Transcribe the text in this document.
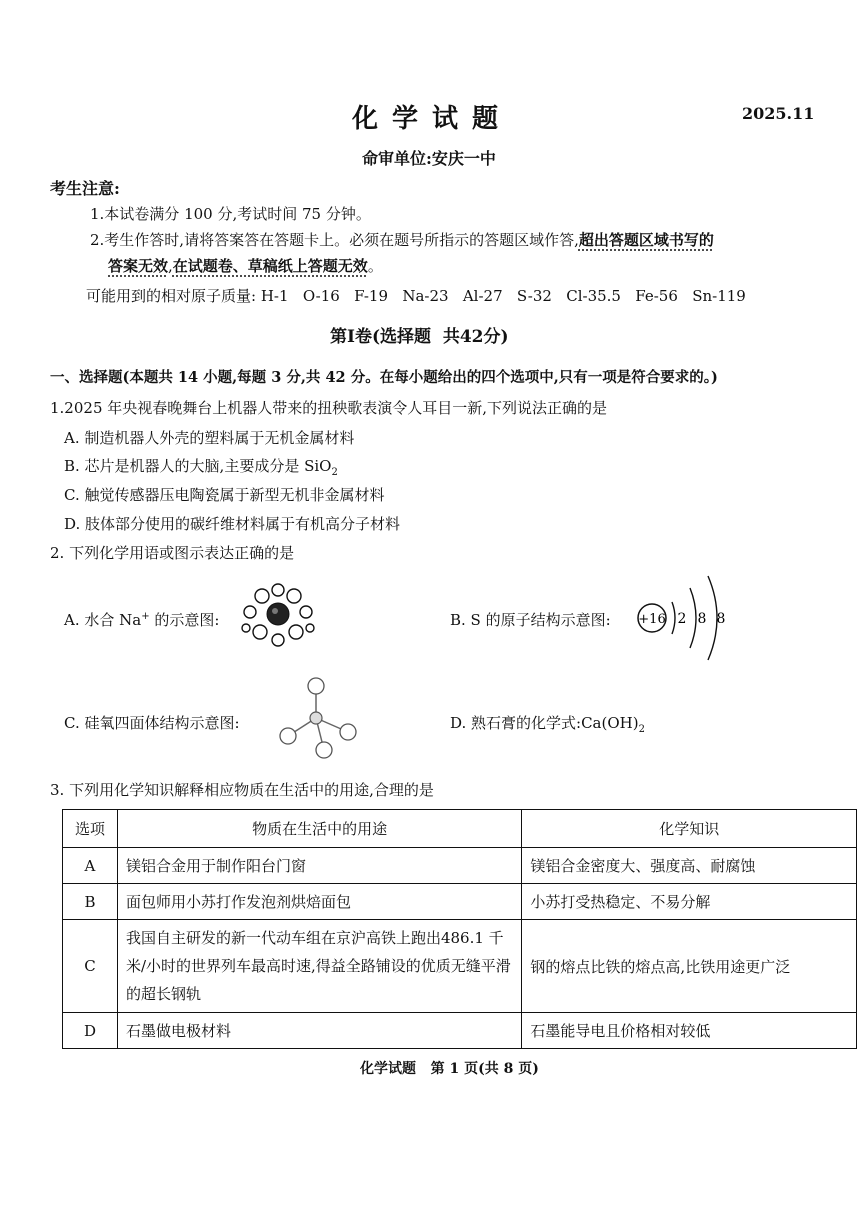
化学试题	2025.11
命审单位:安庆一中
考生注意:
1.本试卷满分 100 分,考试时间 75 分钟。
2.考生作答时,请将答案答在答题卡上。必须在题号所指示的答题区域作答,超出答题区域书写的
答案无效,在试题卷、草稿纸上答题无效。
可能用到的相对原子质量: H-1   O-16   F-19   Na-23   Al-27   S-32   Cl-35.5   Fe-56   Sn-119
第Ⅰ卷(选择题  共42分)
一、选择题(本题共 14 小题,每题 3 分,共 42 分。在每小题给出的四个选项中,只有一项是符合要求的。)
1.2025 年央视春晚舞台上机器人带来的扭秧歌表演令人耳目一新,下列说法正确的是
A. 制造机器人外壳的塑料属于无机金属材料
B. 芯片是机器人的大脑,主要成分是 SiO$_2$
C. 触觉传感器压电陶瓷属于新型无机非金属材料
D. 肢体部分使用的碳纤维材料属于有机高分子材料
2. 下列化学用语或图示表达正确的是
A. 水合 Na+ 的示意图:	B. S 的原子结构示意图: +16 2 8 8
C. 硅氧四面体结构示意图:	D. 熟石膏的化学式$:Ca(OH)_2$
3. 下列用化学知识解释相应物质在生活中的用途,合理的是
选项	物质在生活中的用途	化学知识
A	镁铝合金用于制作阳台门窗	镁铝合金密度大、强度高、耐腐蚀
B	面包师用小苏打作发泡剂烘焙面包	小苏打受热稳定、不易分解
C	我国自主研发的新一代动车组在京沪高铁上跑出486.1 千米/小时的世界列车最高时速,得益全路铺设的优质无缝平滑的超长钢轨	钢的熔点比铁的熔点高,比铁用途更广泛
D	石墨做电极材料	石墨能导电且价格相对较低
化学试题   第 1 页(共 8 页)
